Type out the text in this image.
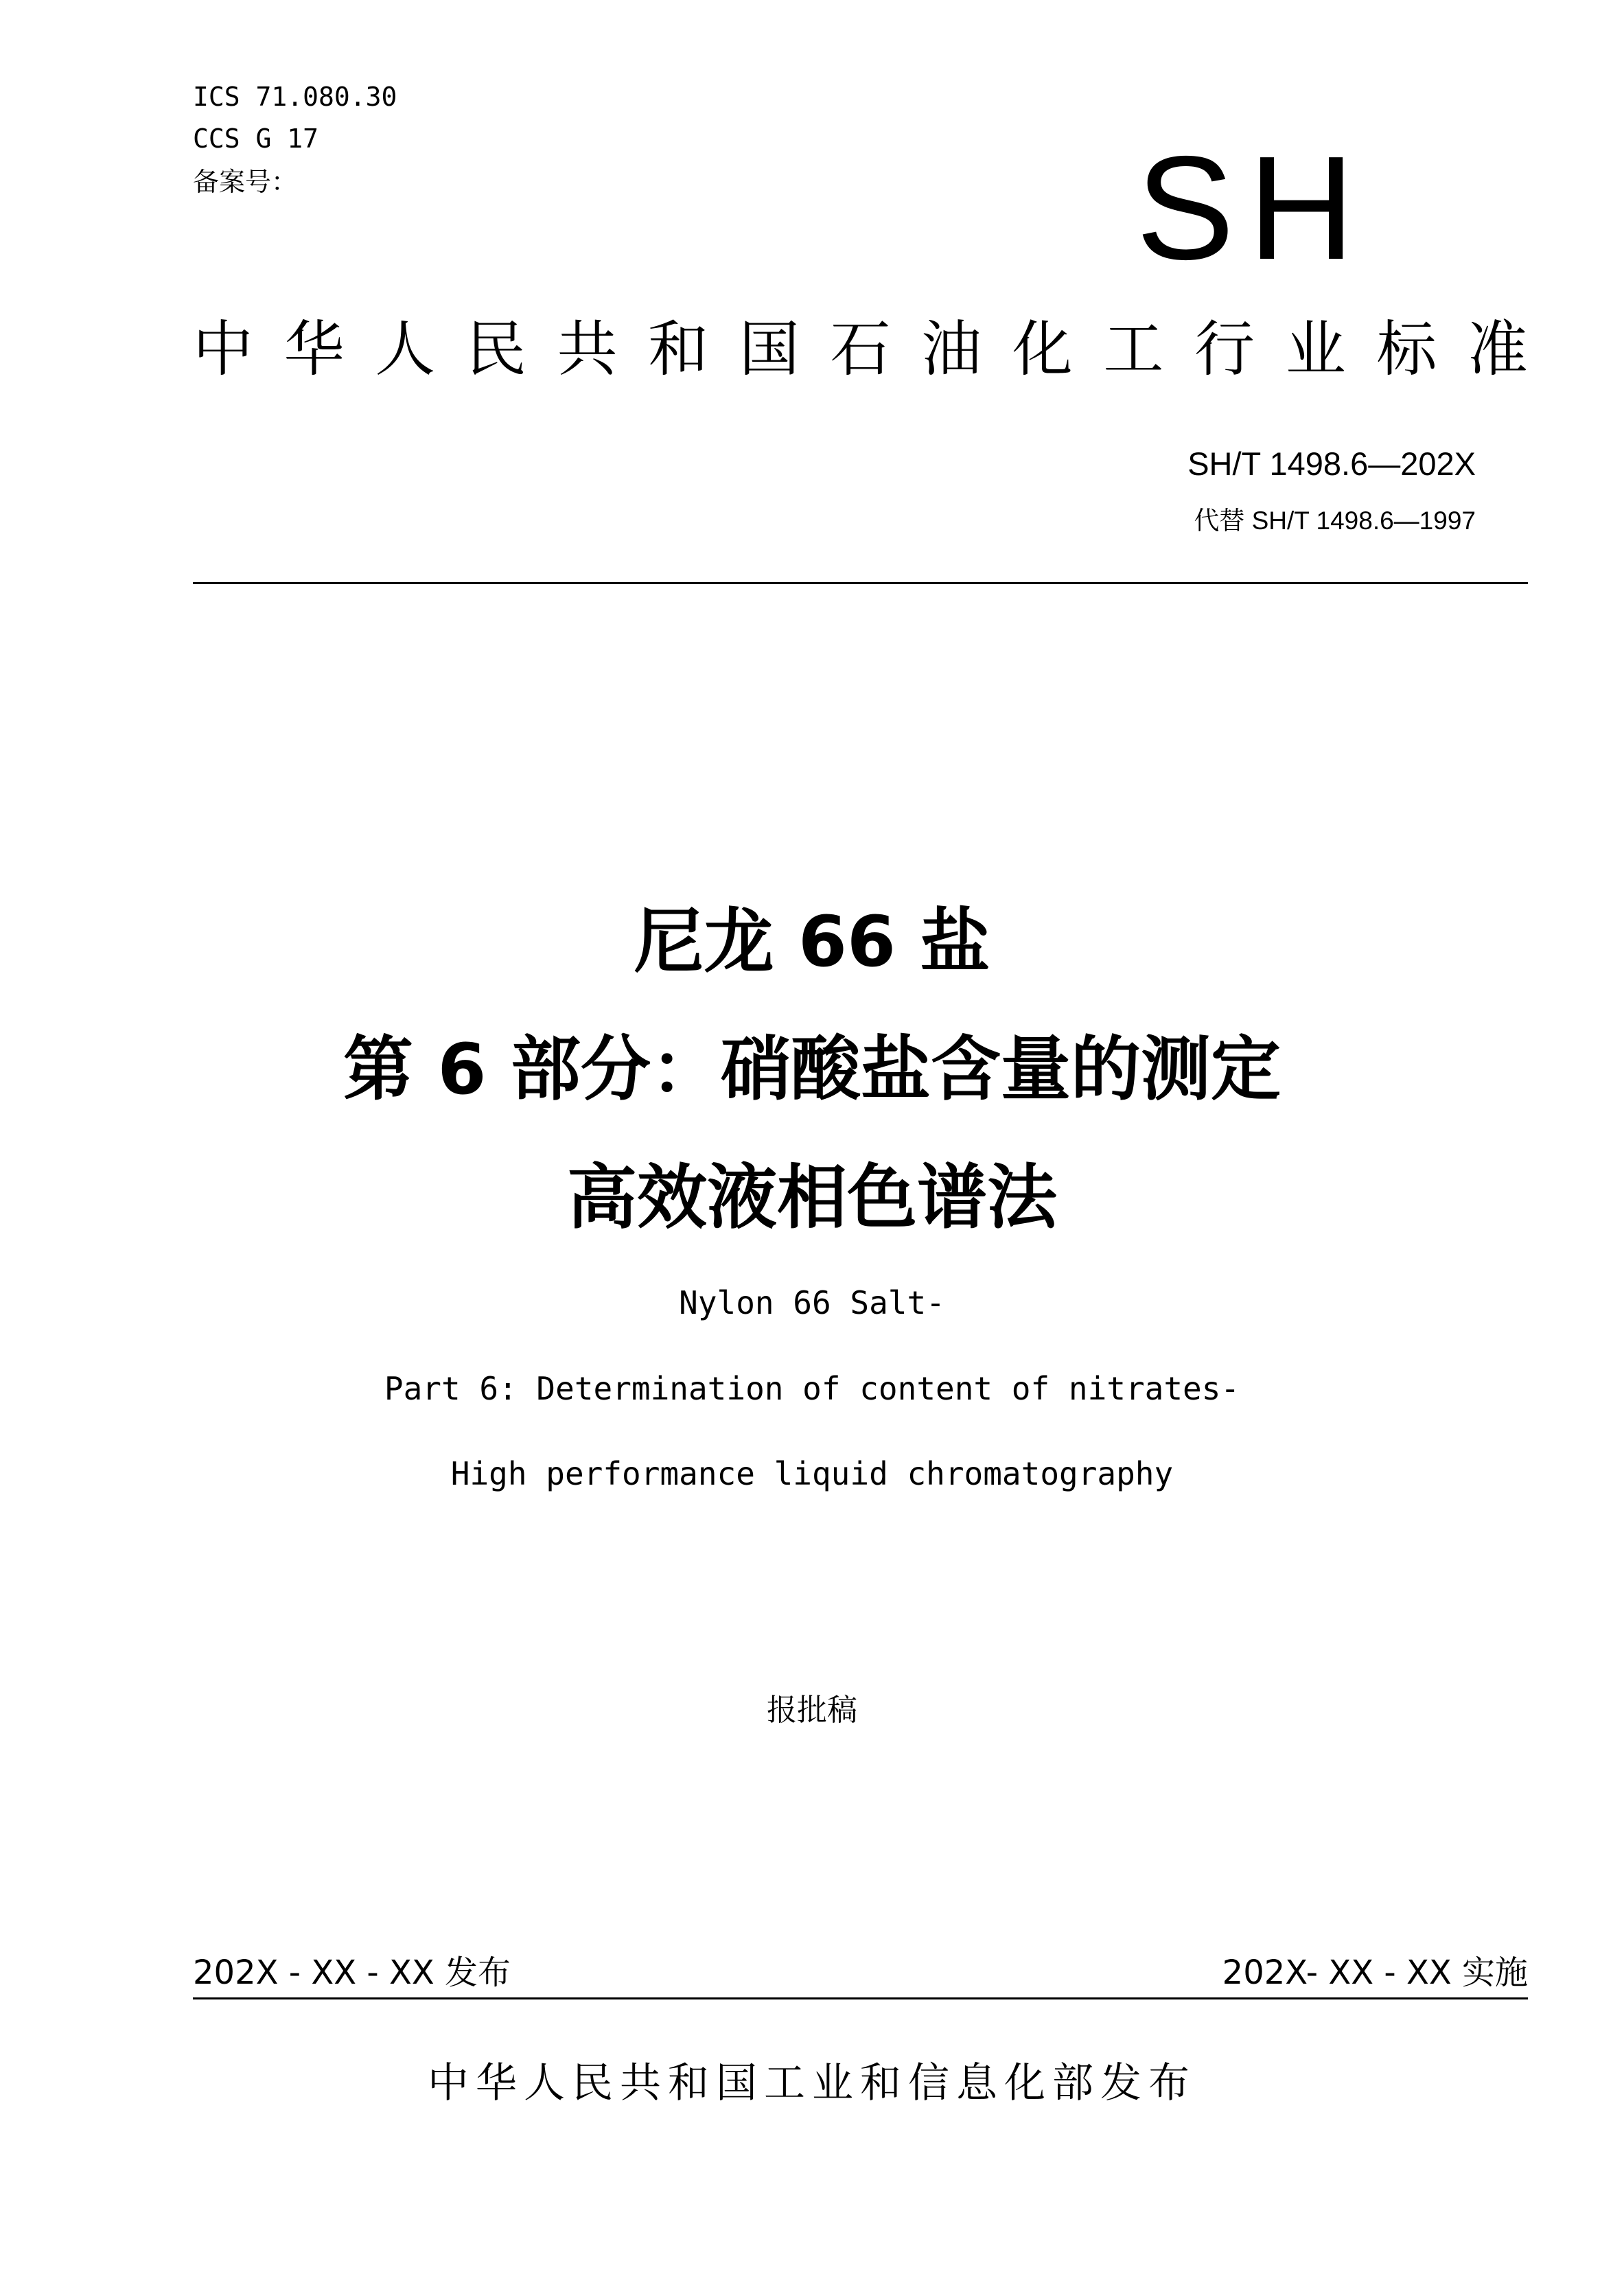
ICS 71.080.30
CCS G 17
备案号：	SH
中 华 人 民 共 和 国 石 油 化 工 行 业 标 准
SH/T 1498.6—202X
代替 SH/T 1498.6—1997
尼龙 66 盐
第 6 部分：硝酸盐含量的测定
高效液相色谱法
Nylon 66 Salt-
Part 6: Determination of content of nitrates-
High performance liquid chromatography
报批稿
202X - XX - XX 发布	202X- XX - XX 实施
中华人民共和国工业和信息化部发布
